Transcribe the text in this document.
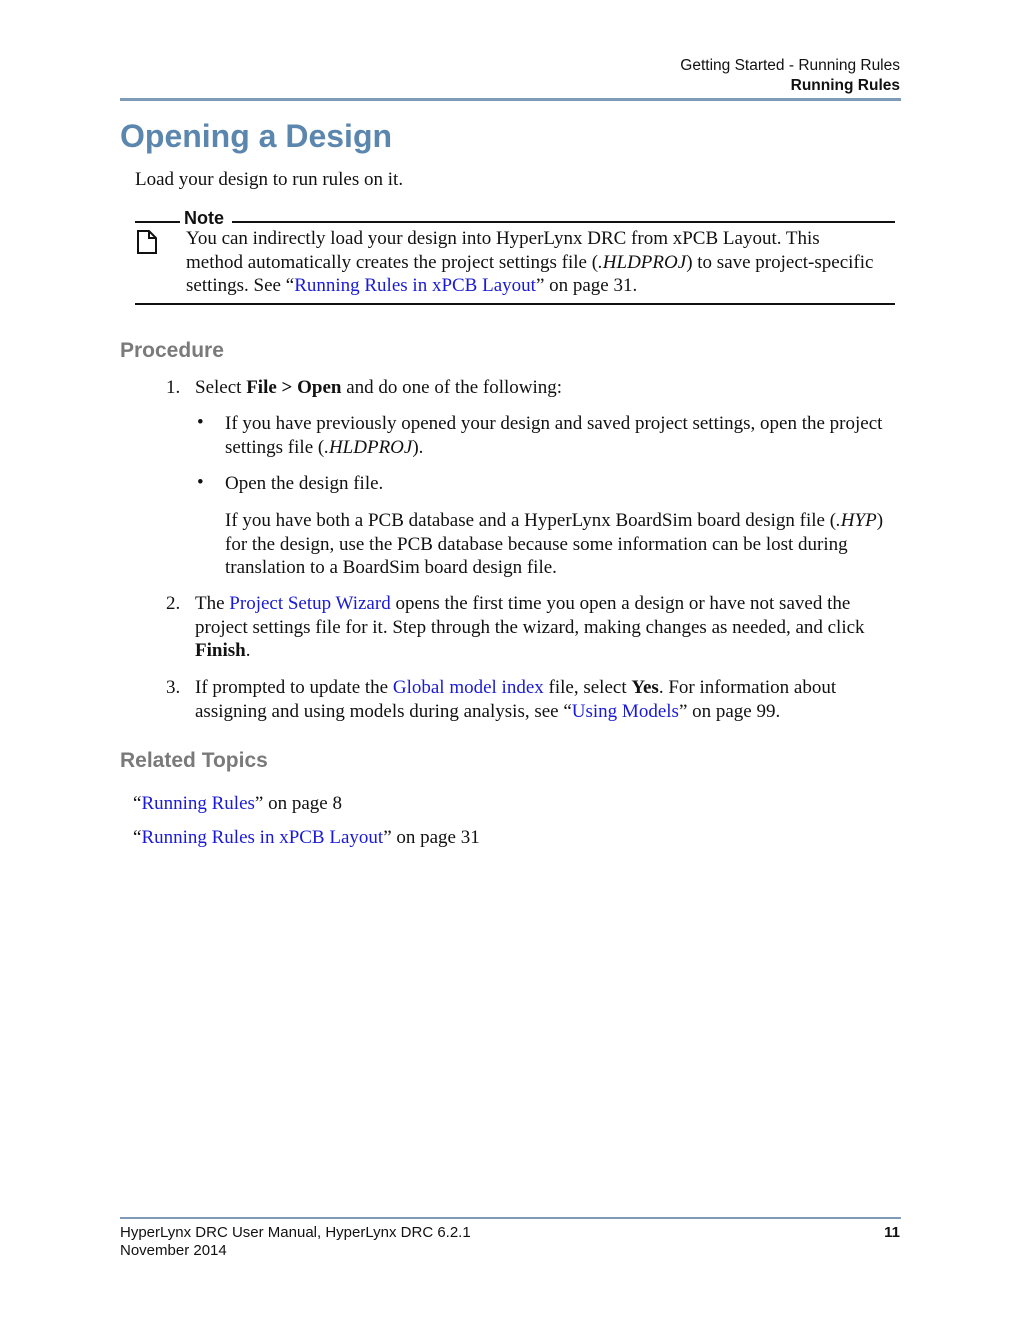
Getting Started - Running Rules
Running Rules
Opening a Design
Load your design to run rules on it.
Note
You can indirectly load your design into HyperLynx DRC from xPCB Layout. This method automatically creates the project settings file (.HLDPROJ) to save project-specific settings. See “Running Rules in xPCB Layout” on page 31.
Procedure
1. Select File > Open and do one of the following:
• If you have previously opened your design and saved project settings, open the project settings file (.HLDPROJ).
• Open the design file.
If you have both a PCB database and a HyperLynx BoardSim board design file (.HYP) for the design, use the PCB database because some information can be lost during translation to a BoardSim board design file.
2. The Project Setup Wizard opens the first time you open a design or have not saved the project settings file for it. Step through the wizard, making changes as needed, and click Finish.
3. If prompted to update the Global model index file, select Yes. For information about assigning and using models during analysis, see “Using Models” on page 99.
Related Topics
“Running Rules” on page 8
“Running Rules in xPCB Layout” on page 31
HyperLynx DRC User Manual, HyperLynx DRC 6.2.1
November 2014
11
